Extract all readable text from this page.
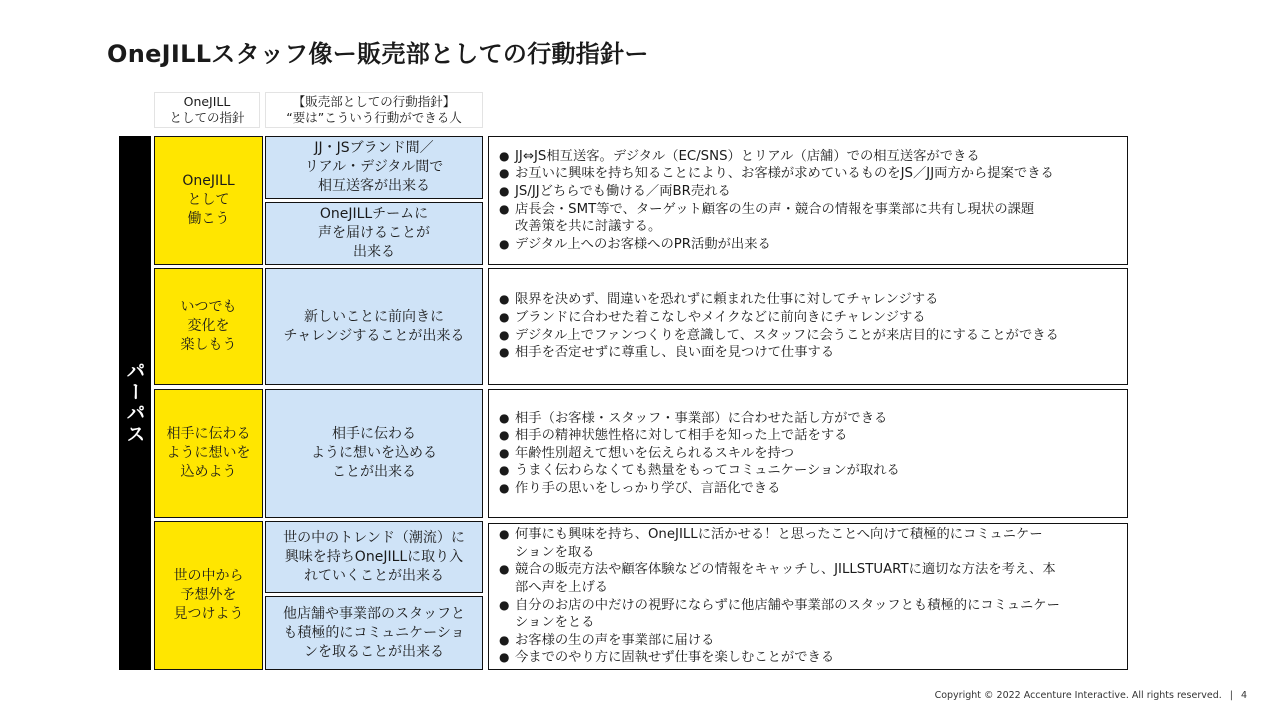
OneJILLスタッフ像ー販売部としての行動指針ー
OneJILL
としての指針
【販売部としての行動指針】
“要は”こういう行動ができる人
パーパス
OneJILL
として
働こう
JJ・JSブランド間／
リアル・デジタル間で
相互送客が出来る
OneJILLチームに
声を届けることが
出来る
● JJ⇔JS相互送客。デジタル（EC/SNS）とリアル（店舗）での相互送客ができる
● お互いに興味を持ち知ることにより、お客様が求めているものをJS／JJ両方から提案できる
● JS/JJどちらでも働ける／両BR売れる
● 店長会・SMT等で、ターゲット顧客の生の声・競合の情報を事業部に共有し現状の課題
改善策を共に討議する。
● デジタル上へのお客様へのPR活動が出来る
いつでも
変化を
楽しもう
新しいことに前向きに
チャレンジすることが出来る
● 限界を決めず、間違いを恐れずに頼まれた仕事に対してチャレンジする
● ブランドに合わせた着こなしやメイクなどに前向きにチャレンジする
● デジタル上でファンつくりを意識して、スタッフに会うことが来店目的にすることができる
● 相手を否定せずに尊重し、良い面を見つけて仕事する
相手に伝わる
ように想いを
込めよう
相手に伝わる
ように想いを込める
ことが出来る
● 相手（お客様・スタッフ・事業部）に合わせた話し方ができる
● 相手の精神状態性格に対して相手を知った上で話をする
● 年齢性別超えて想いを伝えられるスキルを持つ
● うまく伝わらなくても熱量をもってコミュニケーションが取れる
● 作り手の思いをしっかり学び、言語化できる
世の中から
予想外を
見つけよう
世の中のトレンド（潮流）に
興味を持ちOneJILLに取り入
れていくことが出来る
他店舗や事業部のスタッフと
も積極的にコミュニケーショ
ンを取ることが出来る
● 何事にも興味を持ち、OneJILLに活かせる！と思ったことへ向けて積極的にコミュニケー
ションを取る
● 競合の販売方法や顧客体験などの情報をキャッチし、JILLSTUARTに適切な方法を考え、本
部へ声を上げる
● 自分のお店の中だけの視野にならずに他店舗や事業部のスタッフとも積極的にコミュニケー
ションをとる
● お客様の生の声を事業部に届ける
● 今までのやり方に固執せず仕事を楽しむことができる
Copyright © 2022 Accenture Interactive. All rights reserved. | 4
